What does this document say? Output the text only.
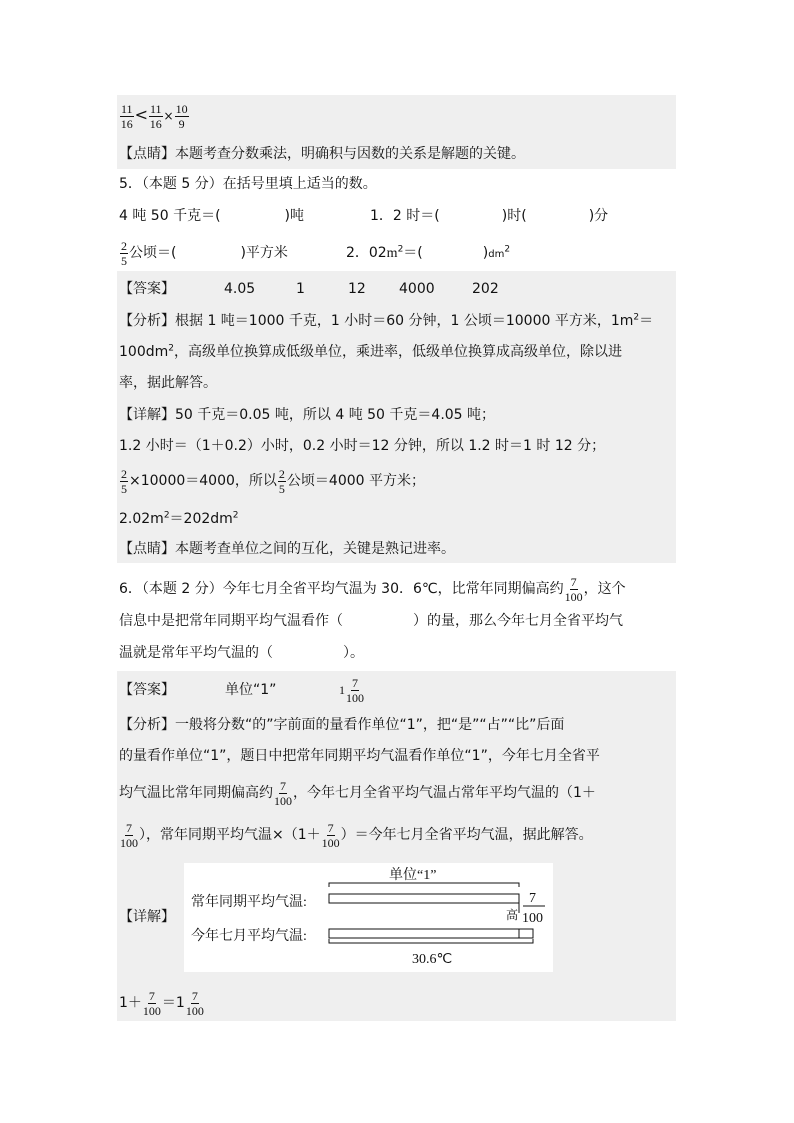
$\frac{11}{16} < \frac{11}{16} \times \frac{10}{9}$
【点睛】本题考查分数乘法，明确积与因数的关系是解题的关键。
5．（本题 5 分）在括号里填上适当的数。
4 吨 50 千克＝(	)吨	1．2 时＝(	)时(	)分
$\frac{2}{5}$ 公顷＝(	)平方米	2．$02m^2=$(	)$dm^2$
【答案】	4.05	1	12 4000	202
【分析】根据 1 吨＝1000 千克，1 小时＝60 分钟，1 公顷＝10000 平方米，$1m^2=$
$100dm^2$，高级单位换算成低级单位，乘进率，低级单位换算成高级单位，除以进
率，据此解答。
【详解】50 千克＝0.05 吨，所以 4 吨 50 千克＝4.05 吨；
1.2 小时＝（1＋0.2）小时，0.2 小时＝12 分钟，所以 1.2 时＝1 时 12 分；
$\frac{2}{5} \times 10000=4000$，所以 $\frac{2}{5}$ 公顷＝4000 平方米；
$2.02m^2=202dm^2$
【点睛】本题考查单位之间的互化，关键是熟记进率。
6．（本题 2 分）今年七月全省平均气温为 30．6℃，比常年同期偏高约 $\frac{7}{100}$ ，这个
信息中是把常年同期平均气温看作（	）的量，那么今年七月全省平均气
温就是常年平均气温的（	）。
【答案】	单位“1”	$1 \frac{7}{100}$
【分析】一般将分数“的”字前面的量看作单位“1”，把“是”“占”“比”后面
的量看作单位“1”，题日中把常年同期平均气温看作单位“1”，今年七月全省平
均气温比常年同期偏高约 $\frac{7}{100}$ ，今年七月全省平均气温占常年平均气温的（1＋
$\frac{7}{100}$ ），常年同期平均气温$\times(1+ \frac{7}{100}$ ）＝今年七月全省平均气温，据此解答。
【详解】
单位“1”
常年同期平均气温:
高
7
100
今年七月平均气温:
30.6℃
$1+ \frac{7}{100} =1 \frac{7}{100}$
